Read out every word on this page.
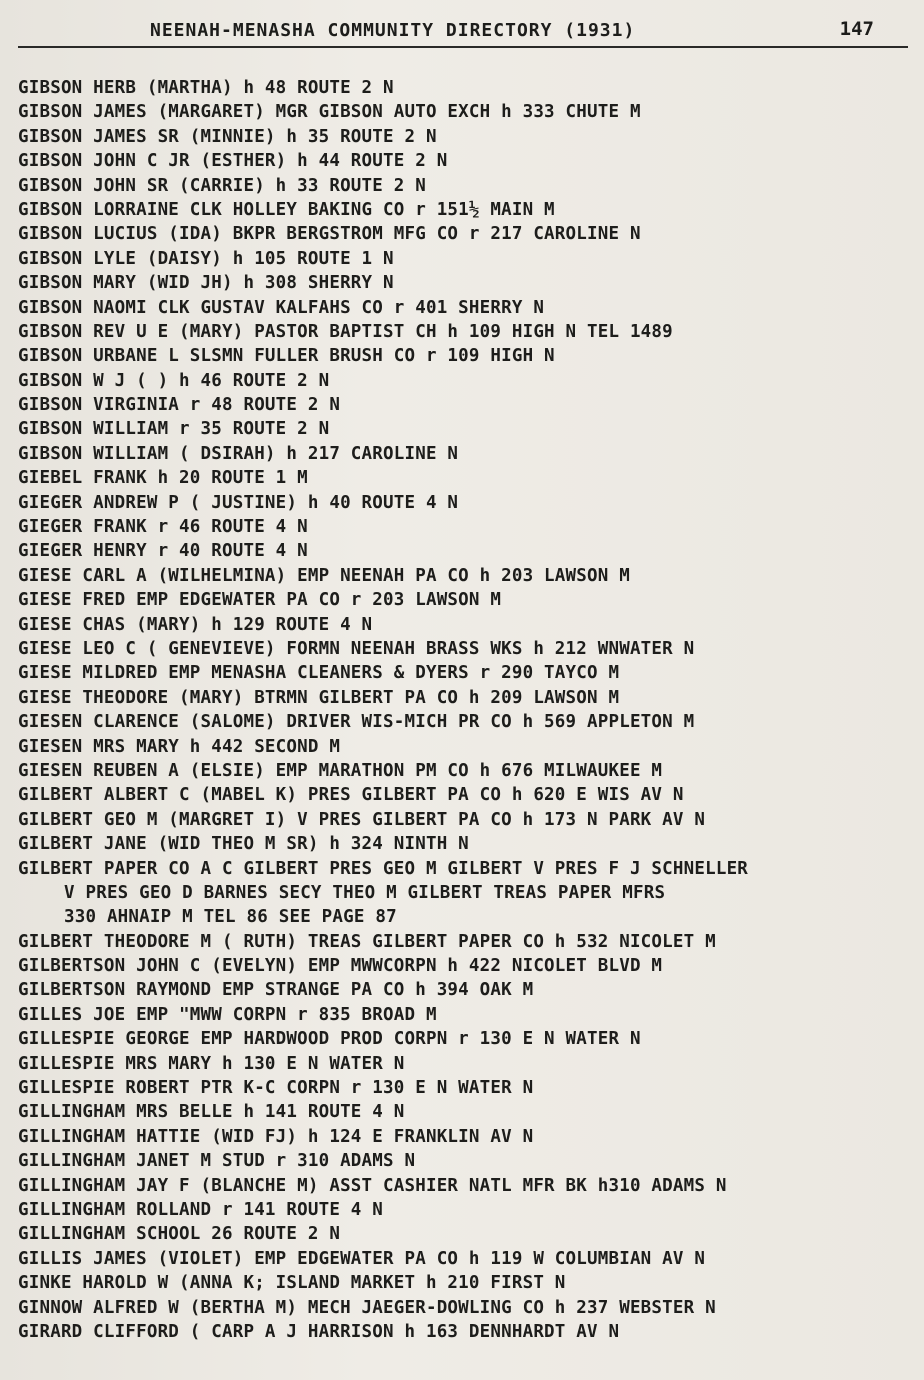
NEENAH-MENASHA COMMUNITY DIRECTORY (1931)	147
GIBSON HERB (MARTHA) h 48 ROUTE 2 N
GIBSON JAMES (MARGARET) MGR GIBSON AUTO EXCH h 333 CHUTE M
GIBSON JAMES SR (MINNIE) h 35 ROUTE 2 N
GIBSON JOHN C JR (ESTHER) h 44 ROUTE 2 N
GIBSON JOHN SR (CARRIE) h 33 ROUTE 2 N
GIBSON LORRAINE CLK HOLLEY BAKING CO r 151½ MAIN M
GIBSON LUCIUS (IDA) BKPR BERGSTROM MFG CO r 217 CAROLINE N
GIBSON LYLE (DAISY) h 105 ROUTE 1 N
GIBSON MARY (WID JH) h 308 SHERRY N
GIBSON NAOMI CLK GUSTAV KALFAHS CO r 401 SHERRY N
GIBSON REV U E (MARY) PASTOR BAPTIST CH h 109 HIGH N TEL 1489
GIBSON URBANE L SLSMN FULLER BRUSH CO r 109 HIGH N
GIBSON W J ( ) h 46 ROUTE 2 N
GIBSON VIRGINIA r 48 ROUTE 2 N
GIBSON WILLIAM r 35 ROUTE 2 N
GIBSON WILLIAM ( DSIRAH) h 217 CAROLINE N
GIEBEL FRANK h 20 ROUTE 1 M
GIEGER ANDREW P ( JUSTINE) h 40 ROUTE 4 N
GIEGER FRANK r 46 ROUTE 4 N
GIEGER HENRY r 40 ROUTE 4 N
GIESE CARL A (WILHELMINA) EMP NEENAH PA CO h 203 LAWSON M
GIESE FRED EMP EDGEWATER PA CO r 203 LAWSON M
GIESE CHAS (MARY) h 129 ROUTE 4 N
GIESE LEO C ( GENEVIEVE) FORMN NEENAH BRASS WKS h 212 WNWATER N
GIESE MILDRED EMP MENASHA CLEANERS & DYERS r 290 TAYCO M
GIESE THEODORE (MARY) BTRMN GILBERT PA CO h 209 LAWSON M
GIESEN CLARENCE (SALOME) DRIVER WIS-MICH PR CO h 569 APPLETON M
GIESEN MRS MARY h 442 SECOND M
GIESEN REUBEN A (ELSIE) EMP MARATHON PM CO h 676 MILWAUKEE M
GILBERT ALBERT C (MABEL K) PRES GILBERT PA CO h 620 E WIS AV N
GILBERT GEO M (MARGRET I) V PRES GILBERT PA CO h 173 N PARK AV N
GILBERT JANE (WID THEO M SR) h 324 NINTH N
GILBERT PAPER CO A C GILBERT PRES GEO M GILBERT V PRES F J SCHNELLER
V PRES GEO D BARNES SECY THEO M GILBERT TREAS PAPER MFRS
330 AHNAIP M TEL 86 SEE PAGE 87
GILBERT THEODORE M ( RUTH) TREAS GILBERT PAPER CO h 532 NICOLET M
GILBERTSON JOHN C (EVELYN) EMP MWWCORPN h 422 NICOLET BLVD M
GILBERTSON RAYMOND EMP STRANGE PA CO h 394 OAK M
GILLES JOE EMP "MWW CORPN r 835 BROAD M
GILLESPIE GEORGE EMP HARDWOOD PROD CORPN r 130 E N WATER N
GILLESPIE MRS MARY h 130 E N WATER N
GILLESPIE ROBERT PTR K-C CORPN r 130 E N WATER N
GILLINGHAM MRS BELLE h 141 ROUTE 4 N
GILLINGHAM HATTIE (WID FJ) h 124 E FRANKLIN AV N
GILLINGHAM JANET M STUD r 310 ADAMS N
GILLINGHAM JAY F (BLANCHE M) ASST CASHIER NATL MFR BK h310 ADAMS N
GILLINGHAM ROLLAND r 141 ROUTE 4 N
GILLINGHAM SCHOOL 26 ROUTE 2 N
GILLIS JAMES (VIOLET) EMP EDGEWATER PA CO h 119 W COLUMBIAN AV N
GINKE HAROLD W (ANNA K; ISLAND MARKET h 210 FIRST N
GINNOW ALFRED W (BERTHA M) MECH JAEGER-DOWLING CO h 237 WEBSTER N
GIRARD CLIFFORD ( CARP A J HARRISON h 163 DENNHARDT AV N
